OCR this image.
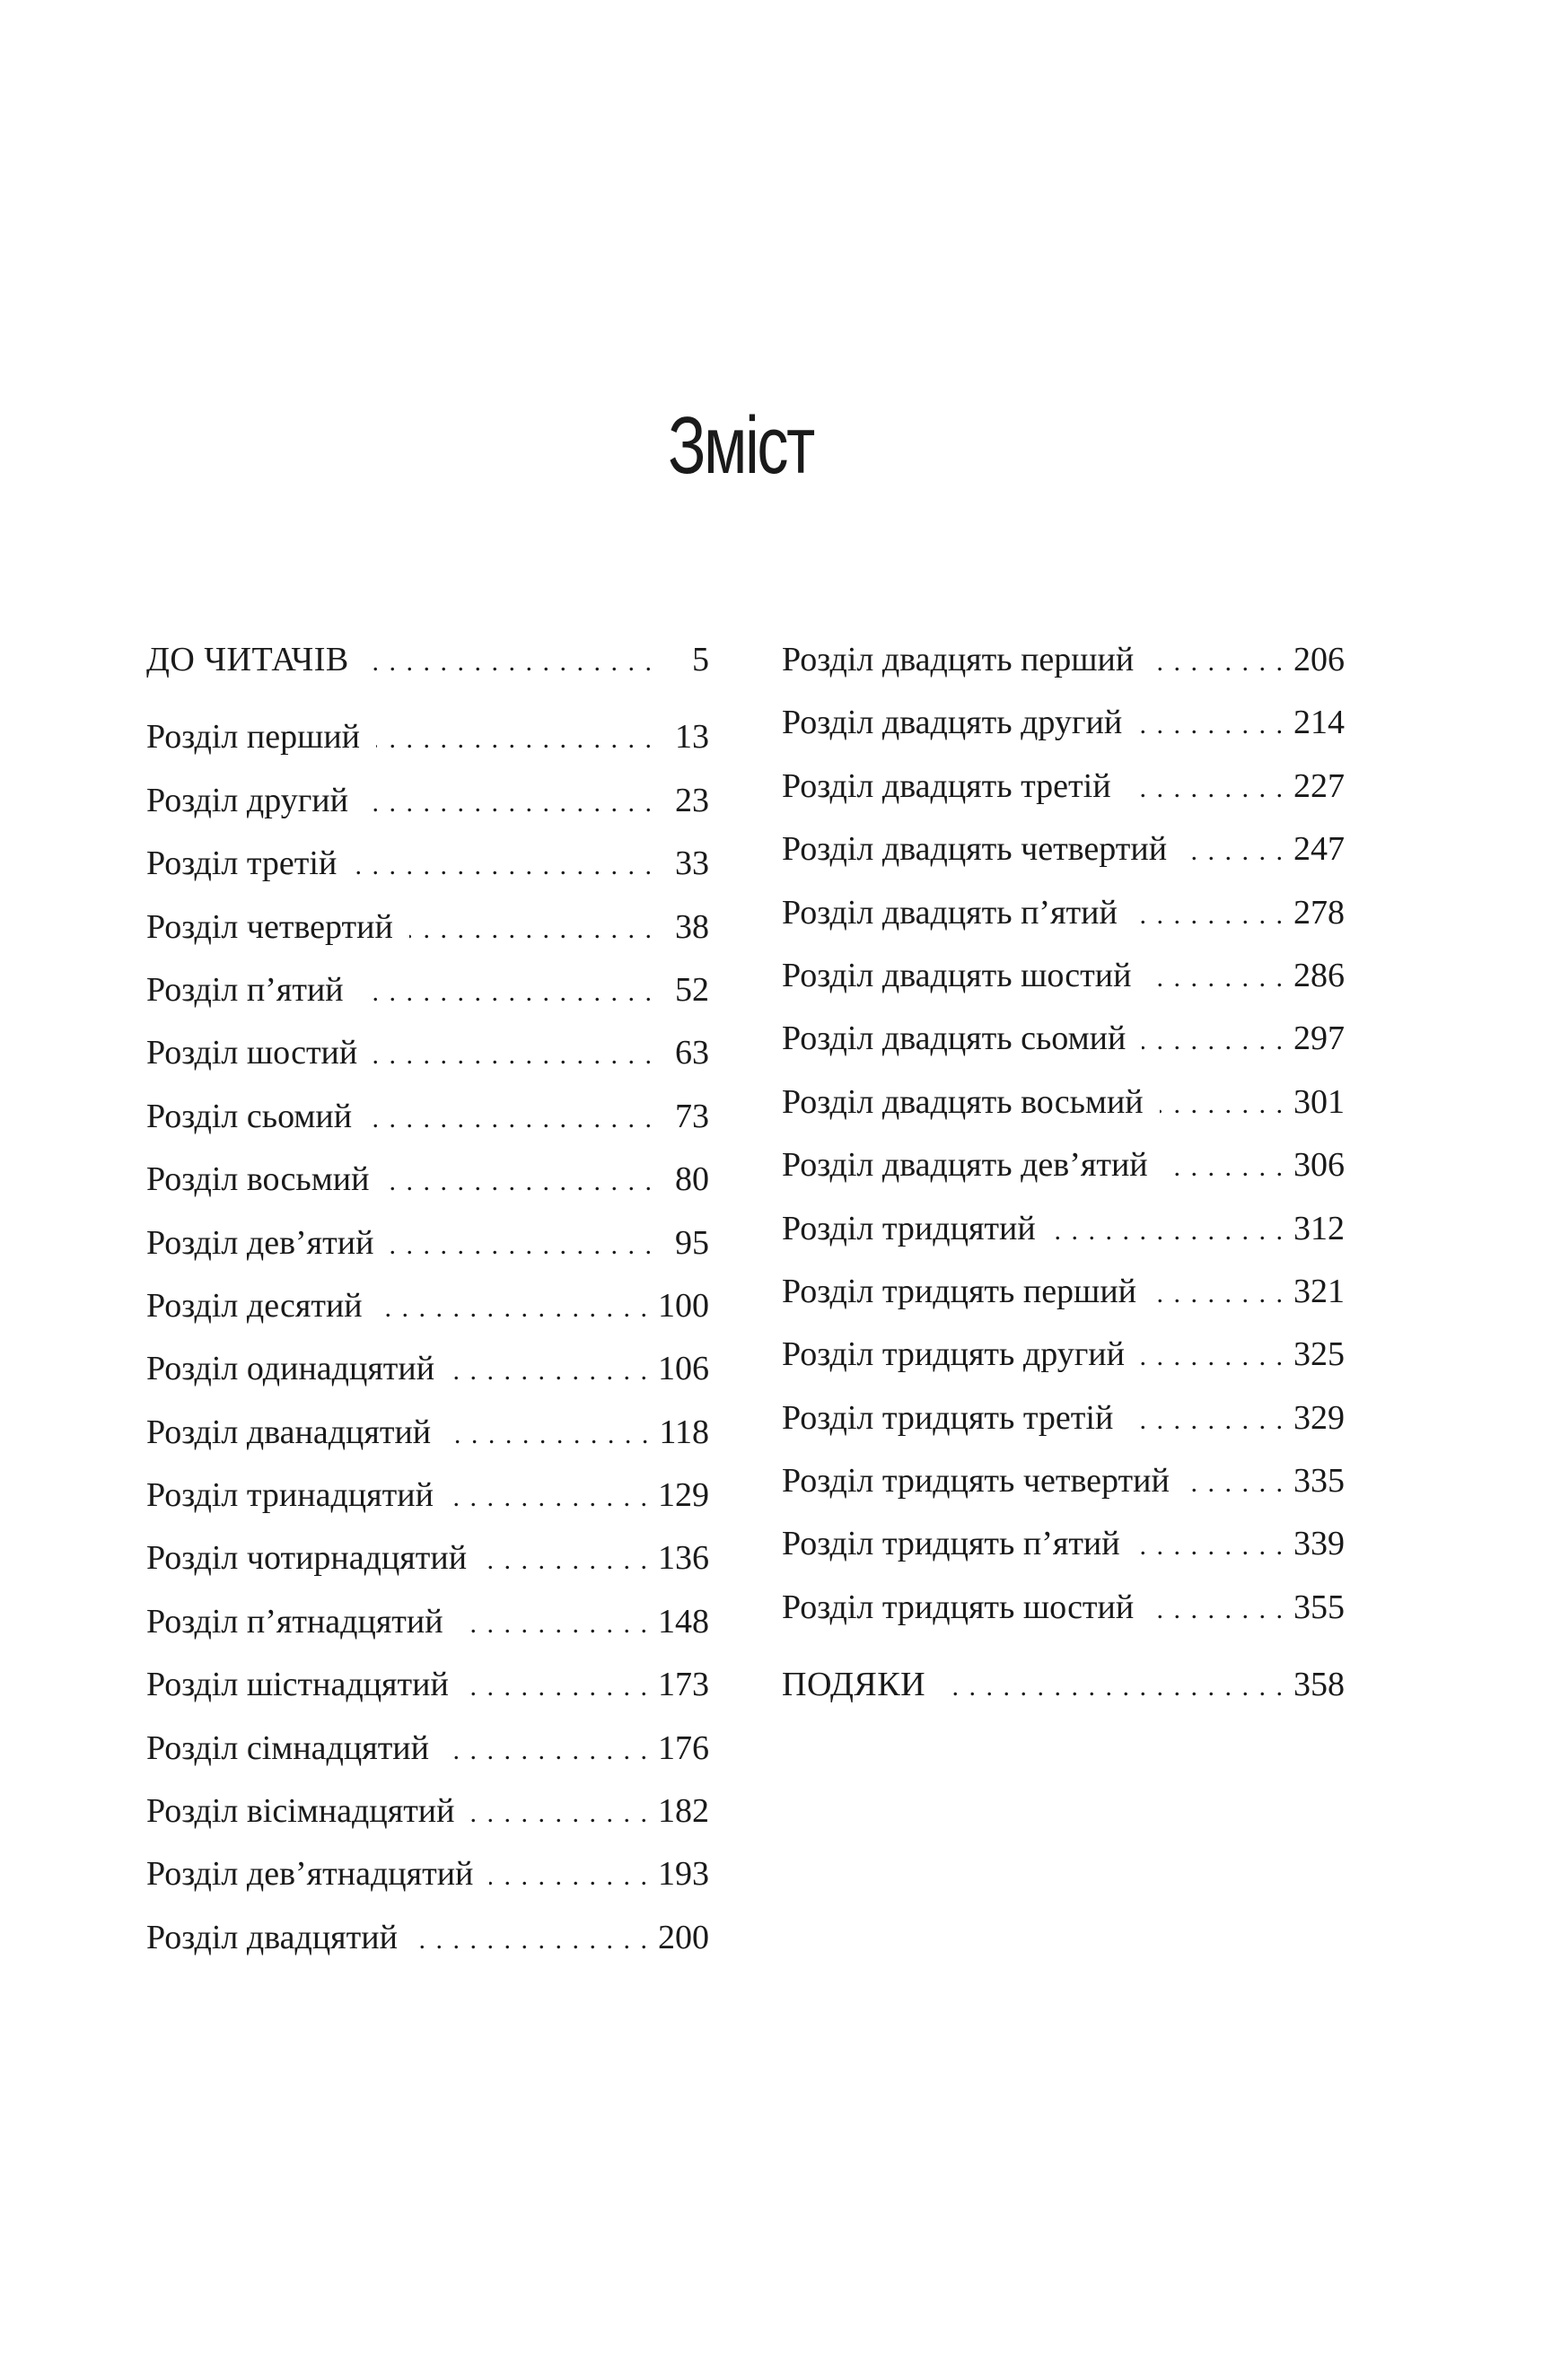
Зміст
ДО ЧИТАЧІВ . . .	5
Розділ перший . . .	13
Розділ другий . . .	23
Розділ третій . . .	33
Розділ четвертий . . .	38
Розділ п’ятий . . .	52
Розділ шостий . . .	63
Розділ сьомий . . .	73
Розділ восьмий . . .	80
Розділ дев’ятий . . .	95
Розділ десятий . . .	100
Розділ одинадцятий . . .	106
Розділ дванадцятий . . .	118
Розділ тринадцятий . . .	129
Розділ чотирнадцятий . . .	136
Розділ п’ятнадцятий . . .	148
Розділ шістнадцятий . . .	173
Розділ сімнадцятий . . .	176
Розділ вісімнадцятий . . .	182
Розділ дев’ятнадцятий . . .	193
Розділ двадцятий . . .	200
Розділ двадцять перший . . .	206
Розділ двадцять другий . . .	214
Розділ двадцять третій . . .	227
Розділ двадцять четвертий . . .	247
Розділ двадцять п’ятий . . .	278
Розділ двадцять шостий . . .	286
Розділ двадцять сьомий . . .	297
Розділ двадцять восьмий . . .	301
Розділ двадцять дев’ятий . . .	306
Розділ тридцятий . . .	312
Розділ тридцять перший . . .	321
Розділ тридцять другий . . .	325
Розділ тридцять третій . . .	329
Розділ тридцять четвертий . . .	335
Розділ тридцять п’ятий . . .	339
Розділ тридцять шостий . . .	355
ПОДЯКИ . . .	358
